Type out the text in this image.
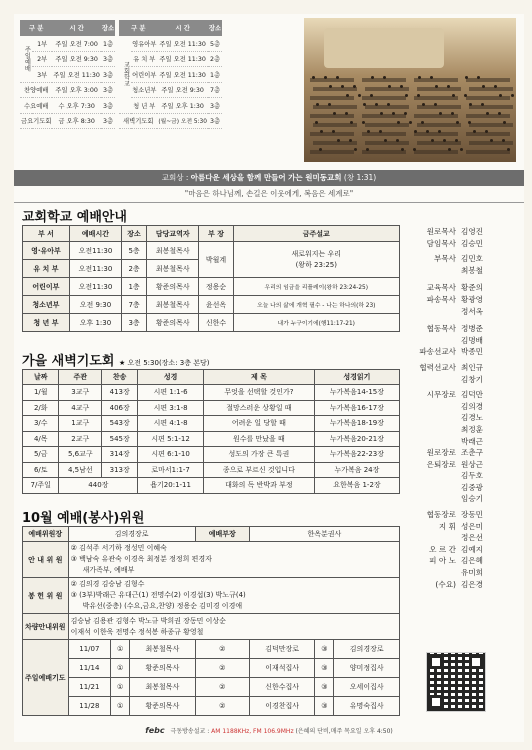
구 분		시 간	장소		구 분		시 간	장소
주일예배	1부	주일 오전 7:00	1층		교회학교	영유아부	주일 오전 11:30	5층
	2부	주일 오전 9:30	3층			유 치 부	주일 오전 11:30	2층
	3부	주일 오전 11:30	3층			어린이부	주일 오전 11:30	1층
찬양예배		주일 오후 3:00	3층			청소년부	주일 오전 9:30	7층
수요예배		수 오후 7:30	3층			청 년 부	주일 오후 1:30	3층
금요기도회		금 오후 8:30	3층		새벽기도회		(월~금) 오전 5:30	3층
교회상 : 아름다운 세상을 함께 만들어 가는 원미동교회 (창 1:31)
"마음은 하나님께, 손길은 이웃에게, 복음은 세계로"
교회학교 예배안내
부 서	예배시간	장소	담당교역자	부 장	금주설교
영·유아부	오전11:30	5층	최봉철목사	박월계	새로워지는 우리
(왕하 23:25)

유 치 부	오전11:30	2층	최봉철목사		
어린이부	오전11:30	1층	황준의목사	정용순	우리의 임금을 리플레이(왕하 23:24-25)
청소년부	오전 9:30	7층	최봉철목사	윤선옥	오늘 나의 삶에 개혁 필수 - 나는 하나의(하 23)
청 년 부	오후 1:30	3층	황준의목사	신한수	내가 누구이기에(행11:17-21)
가을 새벽기도회 ★ 오전 5:30(장소: 3층 본당)
날짜	주관	찬송	성경	제 목	성경읽기
1/월	3교구	413장	시편 1:1-6	무엇을 선택할 것인가?	누가복음14-15장
2/화	4교구	406장	시편 3:1-8	절망스러운 상황일 때	누가복음16-17장
3/수	1교구	543장	시편 4:1-8	어려운 일 당할 때	누가복음18-19장
4/목	2교구	545장	시편 5:1-12	원수를 만났을 때	누가복음20-21장
5/금	5,6교구	314장	시편 6:1-10	성도의 가장 큰 특권	누가복음22-23장
6/토	4,5남선	313장	로마서1:1-7	종으로 부르신 것입니다	누가복음 24장
7/주일	440장		욥기20:1-11	대화의 독 반박과 부정	요한복음 1-2장
10월 예배(봉사)위원
예배위원장	김의경장로			예배부장	한옥분권사		
안 내 위 원	② 김석주 서기하 정성민 이혜숙
③ 백남숙 유관숙 이경옥 최정분 정정희 편경자
새가족부, 예배부						

봉 헌 위 원	② 김의경 김승남 김형수
③ (3부)박래근 유대근(1) 전명수(2) 이경섭(3) 박노규(4)
박유선(중층) (수요,금요,찬양) 정용순 김미경 이경애						

차량안내위원	김승남 김용관 김형수 박노규 박희권 장동민 이상순
이재석 이한욱 전명수 정석봉 하종규 황영철						

주일예배기도	11/07	①	최봉철목사	②	김덕만장로	③	김의경장로
	11/14	①	황준의목사	②	이재석집사	③	양미정집사
	11/21	①	최봉철목사	②	신한수집사	③	오세이집사
	11/28	①	황준의목사	②	이경찬집사	③	유명숙집사
원로목사 김영진
담임목사 김승민
부목사 김민호
최봉철
교육목사 황준의
파송목사 황광영
정서옥
협동목사 정병준
김명배
파송선교사 박종민
협력선교사 최인규
김창기
시무장로 김덕만
김의경
김경노
최정훈
박래근
원로장로 조춘구
은퇴장로 원상근
김두호
김중광
임승기
협동장로 장동민
지 휘 성은미
정은선
오 르 간 김예지
피 아 노 김은혜
유미희
(수요) 김은경
febc 극동방송설교 : AM 1188KHz, FM 106.9MHz (은혜의 단비,매주 목요일 오후 4:50)
